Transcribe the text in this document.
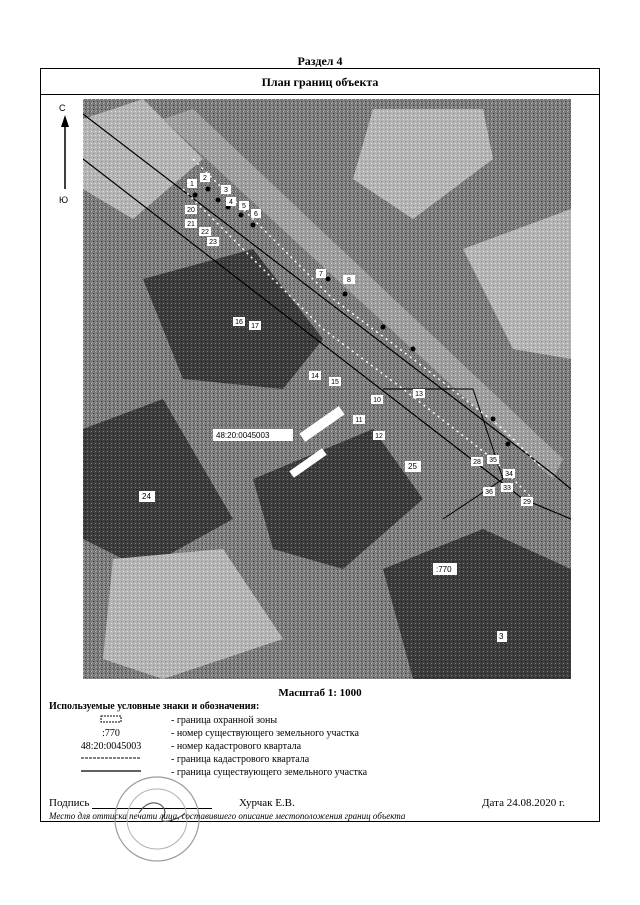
Раздел 4
План границ объекта
С
Ю
1
2
3
4
5
6
7
8
16
17
14
15
10
11
12
13
20
21
22
23
28 35
34
33
36
29
48:20:0045003
24
25
:770
3
Масштаб 1: 1000
Используемые условные знаки и обозначения:
- граница охранной зоны
:770	- номер существующего земельного участка
48:20:0045003	- номер кадастрового квартала
- граница кадастрового квартала
- граница существующего земельного участка
Подпись	Хурчак Е.В.	Дата 24.08.2020 г.
Место для оттиска печати лица, составившего описание местоположения границ объекта
